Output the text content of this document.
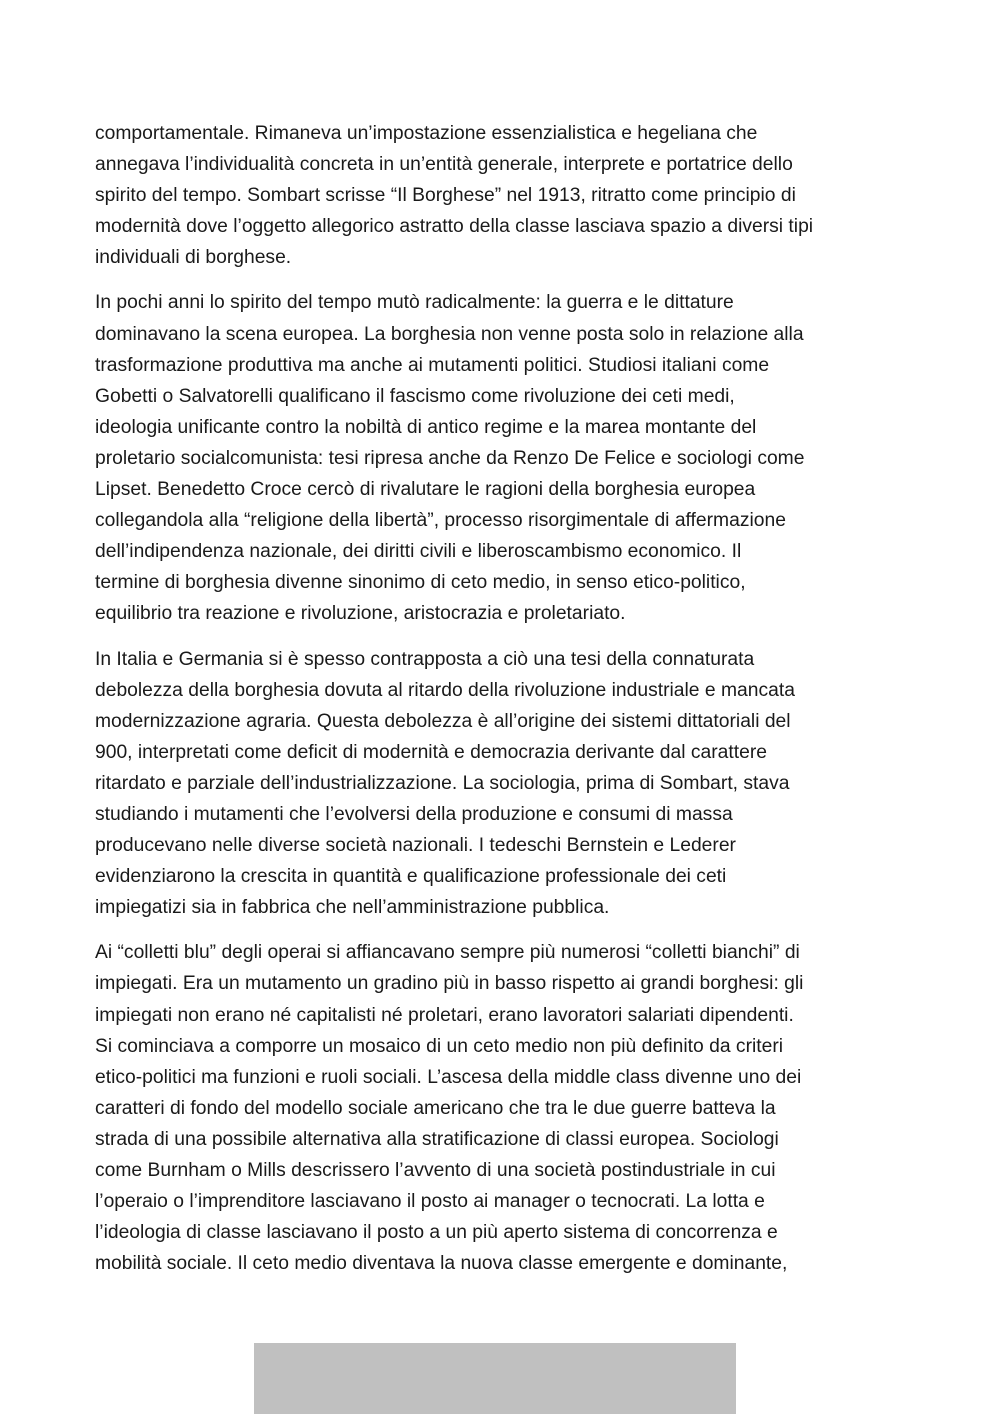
comportamentale. Rimaneva un’impostazione essenzialistica e hegeliana che
annegava l’individualità concreta in un’entità generale, interprete e portatrice dello
spirito del tempo. Sombart scrisse “Il Borghese” nel 1913, ritratto come principio di
modernità dove l’oggetto allegorico astratto della classe lasciava spazio a diversi tipi
individuali di borghese.

In pochi anni lo spirito del tempo mutò radicalmente: la guerra e le dittature
dominavano la scena europea. La borghesia non venne posta solo in relazione alla
trasformazione produttiva ma anche ai mutamenti politici. Studiosi italiani come
Gobetti o Salvatorelli qualificano il fascismo come rivoluzione dei ceti medi,
ideologia unificante contro la nobiltà di antico regime e la marea montante del
proletario socialcomunista: tesi ripresa anche da Renzo De Felice e sociologi come
Lipset. Benedetto Croce cercò di rivalutare le ragioni della borghesia europea
collegandola alla “religione della libertà”, processo risorgimentale di affermazione
dell’indipendenza nazionale, dei diritti civili e liberoscambismo economico. Il
termine di borghesia divenne sinonimo di ceto medio, in senso etico-politico,
equilibrio tra reazione e rivoluzione, aristocrazia e proletariato.

In Italia e Germania si è spesso contrapposta a ciò una tesi della connaturata
debolezza della borghesia dovuta al ritardo della rivoluzione industriale e mancata
modernizzazione agraria. Questa debolezza è all’origine dei sistemi dittatoriali del
900, interpretati come deficit di modernità e democrazia derivante dal carattere
ritardato e parziale dell’industrializzazione. La sociologia, prima di Sombart, stava
studiando i mutamenti che l’evolversi della produzione e consumi di massa
producevano nelle diverse società nazionali. I tedeschi Bernstein e Lederer
evidenziarono la crescita in quantità e qualificazione professionale dei ceti
impiegatizi sia in fabbrica che nell’amministrazione pubblica.

Ai “colletti blu” degli operai si affiancavano sempre più numerosi “colletti bianchi” di
impiegati. Era un mutamento un gradino più in basso rispetto ai grandi borghesi: gli
impiegati non erano né capitalisti né proletari, erano lavoratori salariati dipendenti.
Si cominciava a comporre un mosaico di un ceto medio non più definito da criteri
etico-politici ma funzioni e ruoli sociali. L’ascesa della middle class divenne uno dei
caratteri di fondo del modello sociale americano che tra le due guerre batteva la
strada di una possibile alternativa alla stratificazione di classi europea. Sociologi
come Burnham o Mills descrissero l’avvento di una società postindustriale in cui
l’operaio o l’imprenditore lasciavano il posto ai manager o tecnocrati. La lotta e
l’ideologia di classe lasciavano il posto a un più aperto sistema di concorrenza e
mobilità sociale. Il ceto medio diventava la nuova classe emergente e dominante,
